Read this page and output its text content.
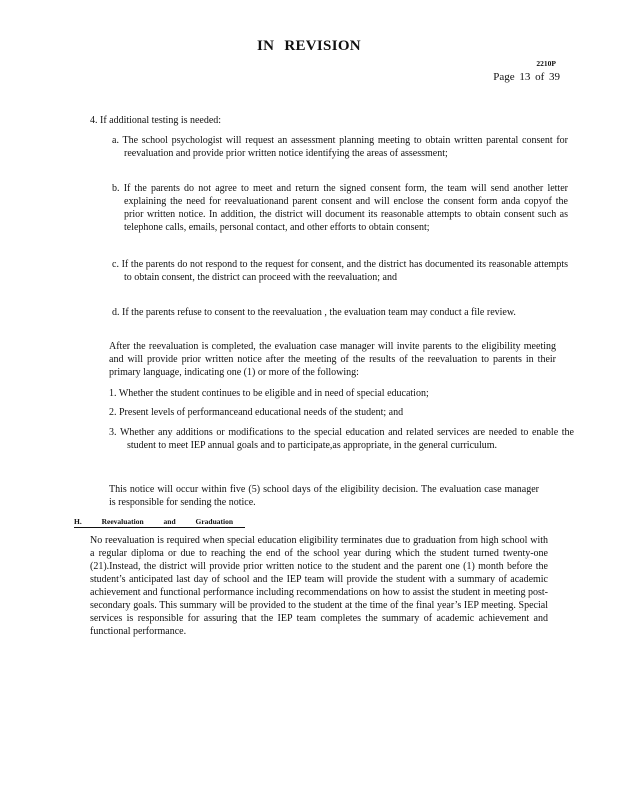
IN REVISION
2210P
Page 13 of 39
4. If additional testing is needed:
a. The school psychologist will request an assessment planning meeting to obtain written parental consent for reevaluation and provide prior written notice identifying the areas of assessment;
b. If the parents do not agree to meet and return the signed consent form, the team will send another letter explaining the need for reevaluationand parent consent and will enclose the consent form anda copyof the prior written notice. In addition, the district will document its reasonable attempts to obtain consent such as telephone calls, emails, personal contact, and other efforts to obtain consent;
c. If the parents do not respond to the request for consent, and the district has documented its reasonable attempts to obtain consent, the district can proceed with the reevaluation; and
d. If the parents refuse to consent to the reevaluation , the evaluation team may conduct a file review.
After the reevaluation is completed, the evaluation case manager will invite parents to the eligibility meeting and will provide prior written notice after the meeting of the results of the reevaluation to parents in their primary language, indicating one (1) or more of the following:
1. Whether the student continues to be eligible and in need of special education;
2. Present levels of performanceand educational needs of the student; and
3. Whether any additions or modifications to the special education and related services are needed to enable the student to meet IEP annual goals and to participate,as appropriate, in the general curriculum.
This notice will occur within five (5) school days of the eligibility decision. The evaluation case manager is responsible for sending the notice.
H. Reevaluation and Graduation
No reevaluation is required when special education eligibility terminates due to graduation from high school with a regular diploma or due to reaching the end of the school year during which the student turned twenty-one (21).Instead, the district will provide prior written notice to the student and the parent one (1) month before the student’s anticipated last day of school and the IEP team will provide the student with a summary of academic achievement and functional performance including recommendations on how to assist the student in meeting post-secondary goals. This summary will be provided to the student at the time of the final year’s IEP meeting. Special services is responsible for assuring that the IEP team completes the summary of academic achievement and functional performance.
